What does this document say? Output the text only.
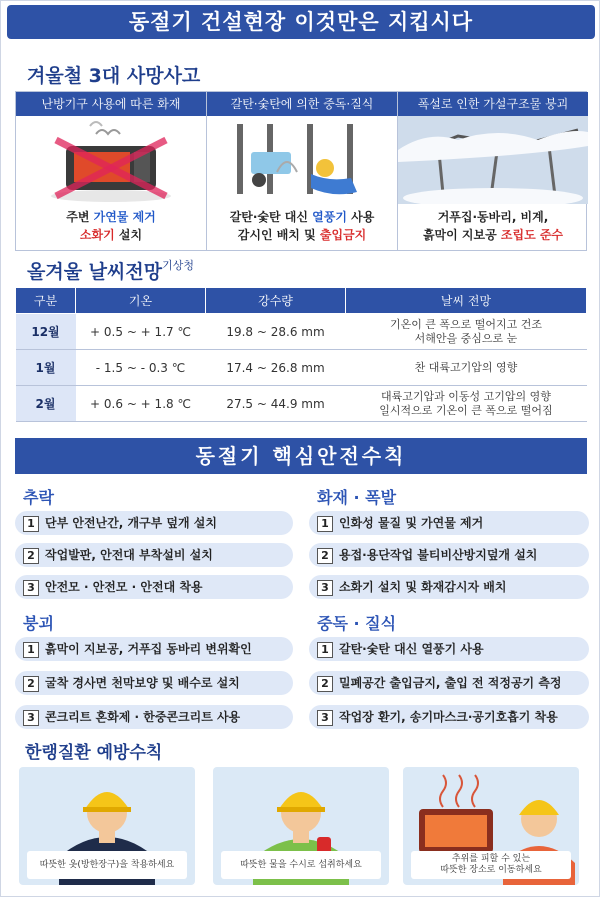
동절기 건설현장 이것만은 지킵시다
겨울철 3대 사망사고
난방기구 사용에 따른 화재
주변 가연물 제거
소화기 설치
갈탄·숯탄에 의한 중독·질식
갈탄·숯탄 대신 열풍기 사용
감시인 배치 및 출입금지
폭설로 인한 가설구조물 붕괴
거푸집·동바리, 비계,
흙막이 지보공 조립도 준수
올겨울 날씨전망$^{기상청}$
구분	기온	강수량	날씨 전망
12월	+ 0.5 ~ + 1.7 ℃	19.8 ~ 28.6 mm	기온이 큰 폭으로 떨어지고 건조
서해안을 중심으로 눈

1월	- 1.5 ~ - 0.3 ℃	17.4 ~ 26.8 mm	찬 대륙고기압의 영향

2월	+ 0.6 ~ + 1.8 ℃	27.5 ~ 44.9 mm	대륙고기압과 이동성 고기압의 영향
일시적으로 기온이 큰 폭으로 떨어짐
동절기 핵심안전수칙
추락
1 단부 안전난간, 개구부 덮개 설치
2 작업발판, 안전대 부착설비 설치
3 안전모 · 안전모 · 안전대 착용
화재 · 폭발
1 인화성 물질 및 가연물 제거
2 용접·용단작업 불티비산방지덮개 설치
3 소화기 설치 및 화재감시자 배치
붕괴
1 흙막이 지보공, 거푸집 동바리 변위확인
2 굴착 경사면 천막보양 및 배수로 설치
3 콘크리트 혼화제 · 한중콘크리트 사용
중독 · 질식
1 갈탄·숯탄 대신 열풍기 사용
2 밀폐공간 출입금지, 출입 전 적정공기 측정
3 작업장 환기, 송기마스크·공기호흡기 착용
한랭질환 예방수칙
따뜻한 옷(방한장구)을 착용하세요	따뜻한 물을 수시로 섭취하세요
추위를 피할 수 있는
따뜻한 장소로 이동하세요
